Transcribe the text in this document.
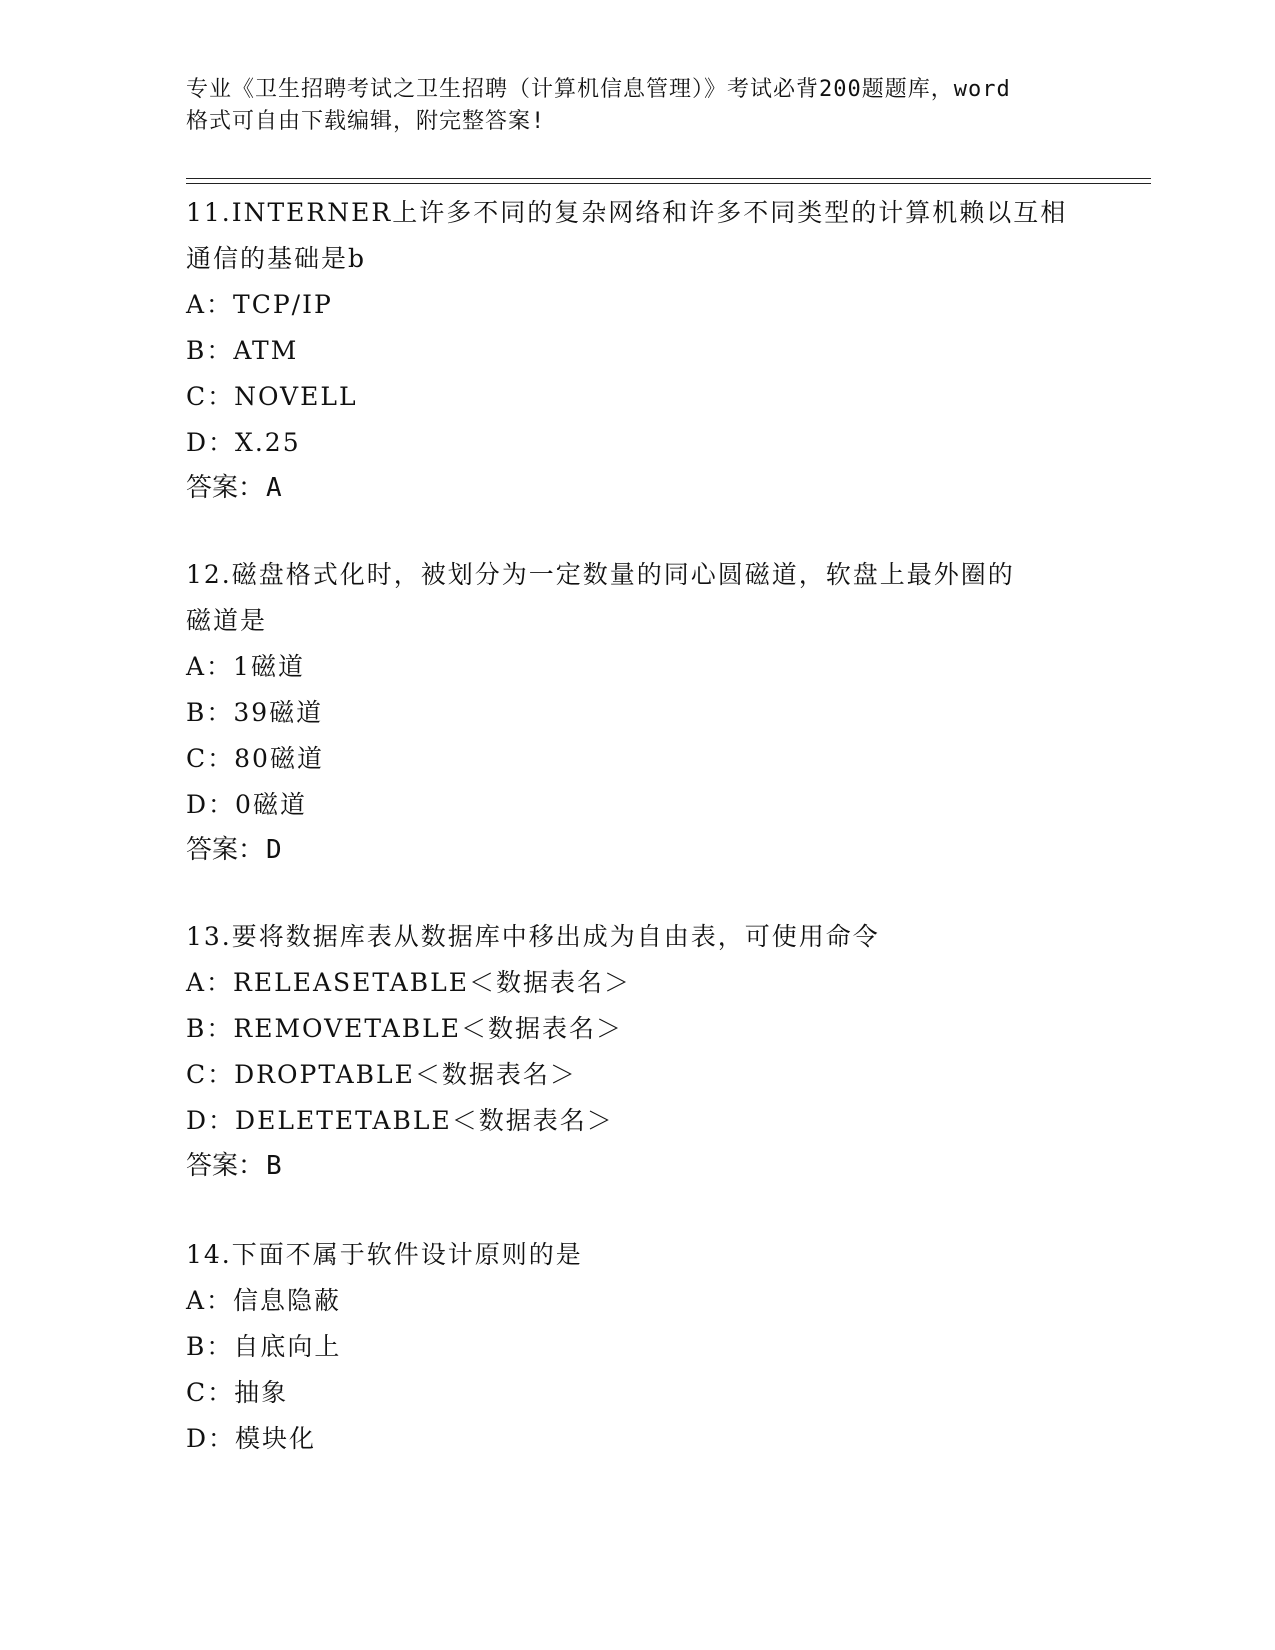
专业《卫生招聘考试之卫生招聘（计算机信息管理）》考试必背200题题库，word
格式可自由下载编辑，附完整答案!
11.INTERNER上许多不同的复杂网络和许多不同类型的计算机赖以互相
通信的基础是b
A：TCP/IP
B：ATM
C：NOVELL
D：X.25
答案：A
12.磁盘格式化时，被划分为一定数量的同心圆磁道，软盘上最外圈的
磁道是
A：1磁道
B：39磁道
C：80磁道
D：0磁道
答案：D
13.要将数据库表从数据库中移出成为自由表，可使用命令
A：RELEASETABLE＜数据表名＞
B：REMOVETABLE＜数据表名＞
C：DROPTABLE＜数据表名＞
D：DELETETABLE＜数据表名＞
答案：B
14.下面不属于软件设计原则的是
A：信息隐蔽
B：自底向上
C：抽象
D：模块化
